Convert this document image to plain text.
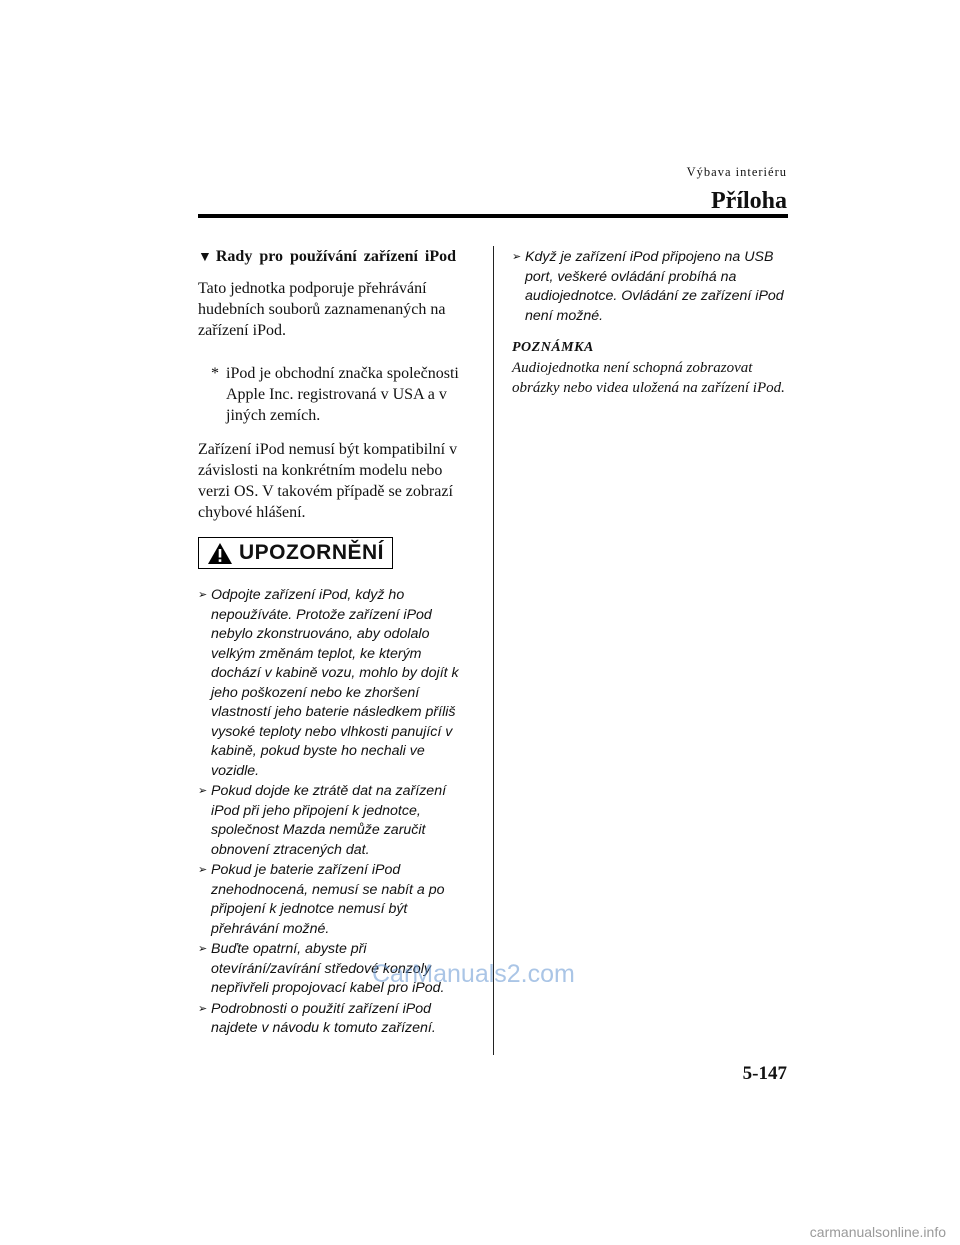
Výbava interiéru
Příloha
▼ Rady pro používání zařízení iPod

Tato jednotka podporuje přehrávání hudebních souborů zaznamenaných na zařízení iPod.

* iPod je obchodní značka společnosti Apple Inc. registrovaná v USA a v jiných zemích.

Zařízení iPod nemusí být kompatibilní v závislosti na konkrétním modelu nebo verzi OS. V takovém případě se zobrazí chybové hlášení.

UPOZORNĚNÍ
➢ Odpojte zařízení iPod, když ho nepoužíváte. Protože zařízení iPod nebylo zkonstruováno, aby odolalo velkým změnám teplot, ke kterým dochází v kabině vozu, mohlo by dojít k jeho poškození nebo ke zhoršení vlastností jeho baterie následkem příliš vysoké teploty nebo vlhkosti panující v kabině, pokud byste ho nechali ve vozidle.
➢ Pokud dojde ke ztrátě dat na zařízení iPod při jeho připojení k jednotce, společnost Mazda nemůže zaručit obnovení ztracených dat.
➢ Pokud je baterie zařízení iPod znehodnocená, nemusí se nabít a po připojení k jednotce nemusí být přehrávání možné.
➢ Buďte opatrní, abyste při otevírání/zavírání středové konzoly nepřivřeli propojovací kabel pro iPod.
➢ Podrobnosti o použití zařízení iPod najdete v návodu k tomuto zařízení.
➢ Když je zařízení iPod připojeno na USB port, veškeré ovládání probíhá na audiojednotce. Ovládání ze zařízení iPod není možné.
POZNÁMKA

Audiojednotka není schopná zobrazovat obrázky nebo videa uložená na zařízení iPod.

CarManuals2.com
5-147
carmanualsonline.info
